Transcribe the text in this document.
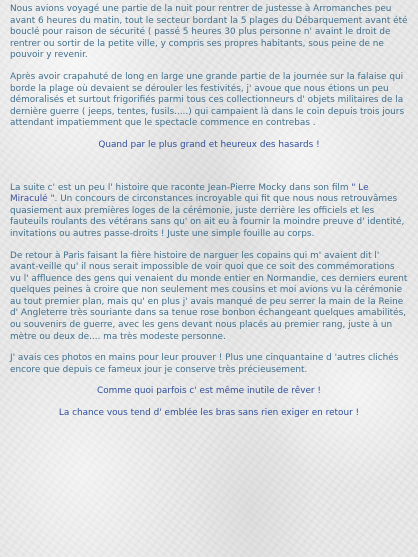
Nous avions voyagé une partie de la nuit pour rentrer de justesse à Arromanches peu avant 6 heures du matin, tout le secteur bordant la 5 plages du Débarquement avant été bouclé pour raison de sécurité ( passé 5 heures 30 plus personne n' avaint le droit de rentrer ou sortir de la petite ville, y compris ses propres habitants, sous peine de ne pouvoir y revenir.

Après avoir crapahuté de long en large une grande partie de la journée sur la falaise qui borde la plage où devaient se dérouler les festivités, j' avoue que nous étions un peu démoralisés et surtout frigorifiés parmi tous ces collectionneurs d' objets militaires de la dernière guerre ( jeeps, tentes, fusils.....) qui campaient là dans le coin depuis trois jours attendant impatiemment que le spectacle commence en contrebas .

Quand par le plus grand et heureux des hasards !

La suite c' est un peu l' histoire que raconte Jean-Pierre Mocky dans son film " Le Miraculé ". Un concours de circonstances incroyable qui fit que nous nous retrouvâmes quasiement aux premières loges de la cérémonie, juste derrière les officiels et les fauteuils roulants des vétérans sans qu' on ait eu à fournir la moindre preuve d' identité, invitations ou autres passe-droits ! Juste une simple fouille au corps.

De retour à Paris faisant la fière histoire de narguer les copains qui m' avaient dit l' avant-veille qu' il nous serait impossible de voir quoi que ce soit des commémorations vu l' affluence des gens qui venaient du monde entier en Normandie, ces derniers eurent quelques peines à croire que non seulement mes cousins et moi avions vu la cérémonie au tout premier plan, mais qu' en plus j' avais manqué de peu serrer la main de la Reine d' Angleterre très souriante dans sa tenue rose bonbon échangeant quelques amabilités, ou souvenirs de guerre, avec les gens devant nous placés au premier rang, juste à un mètre ou deux de.... ma très modeste personne.

J' avais ces photos en mains pour leur prouver ! Plus une cinquantaine d 'autres clichés encore que depuis ce fameux jour je conserve très précieusement.

Comme quoi parfois c' est même inutile de rêver !

La chance vous tend d' emblée les bras sans rien exiger en retour !
